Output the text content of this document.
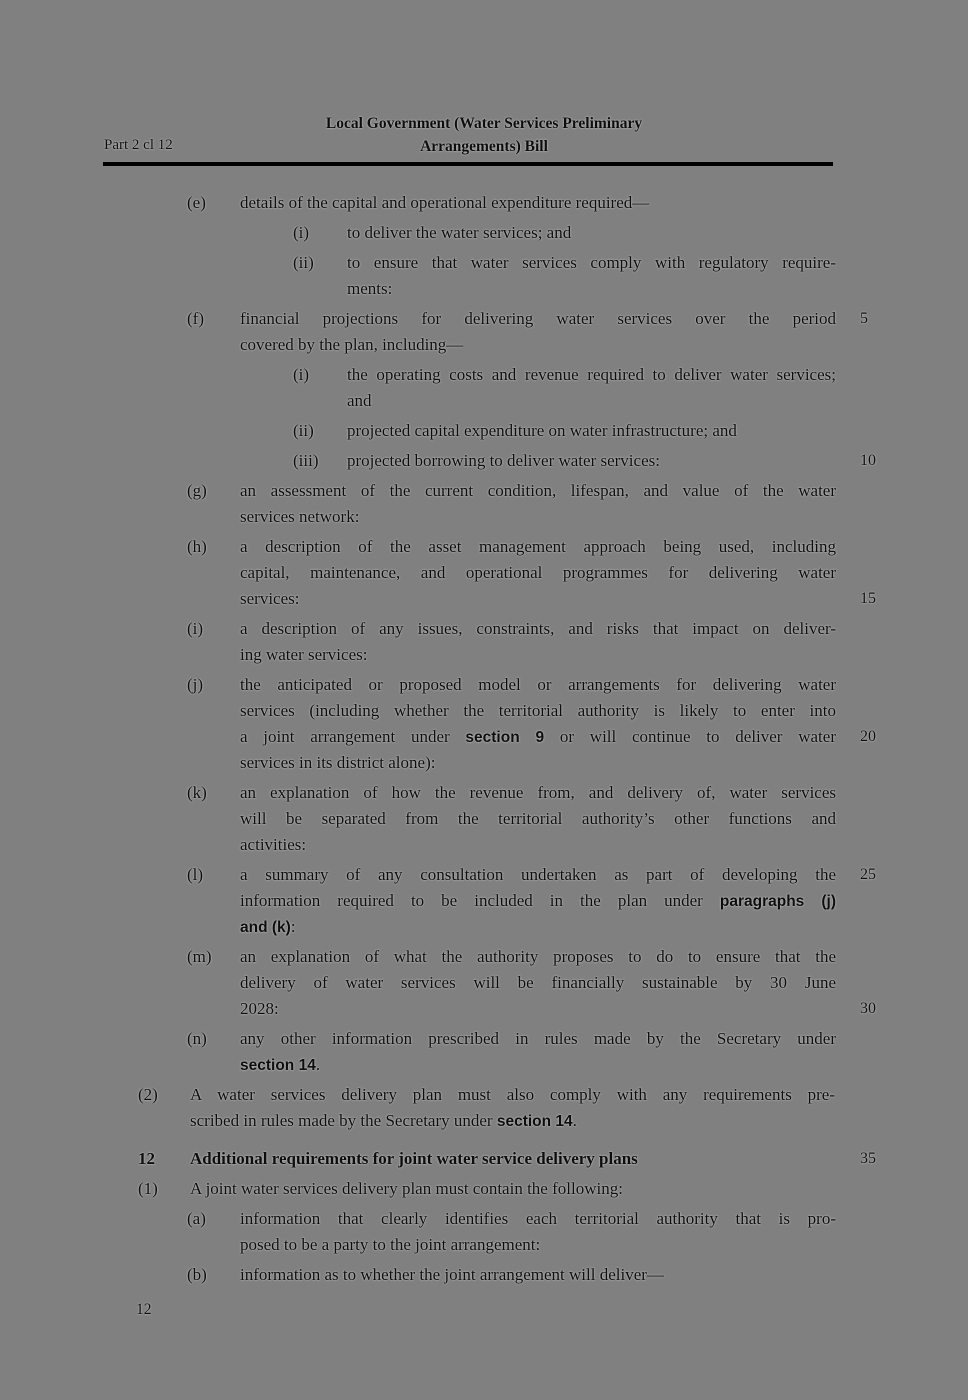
Part 2 cl 12
Local Government (Water Services Preliminary
Arrangements) Bill
(e) details of the capital and operational expenditure required—
(i) to deliver the water services; and
(ii) to ensure that water services comply with regulatory require-
ments:
(f) financial projections for delivering water services over the period 5
covered by the plan, including—
(i) the operating costs and revenue required to deliver water services;
and
(ii) projected capital expenditure on water infrastructure; and
(iii) projected borrowing to deliver water services:	10
(g) an assessment of the current condition, lifespan, and value of the water
services network:
(h) a description of the asset management approach being used, including
capital, maintenance, and operational programmes for delivering water
services:	15
(i) a description of any issues, constraints, and risks that impact on deliver-
ing water services:
(j) the anticipated or proposed model or arrangements for delivering water
services (including whether the territorial authority is likely to enter into
a joint arrangement under section 9 or will continue to deliver water 20
services in its district alone):
(k) an explanation of how the revenue from, and delivery of, water services
will be separated from the territorial authority’s other functions and
activities:
(l) a summary of any consultation undertaken as part of developing the 25
information required to be included in the plan under paragraphs (j)
and (k):
(m) an explanation of what the authority proposes to do to ensure that the
delivery of water services will be financially sustainable by 30 June
2028:	30
(n) any other information prescribed in rules made by the Secretary under
section 14.
(2) A water services delivery plan must also comply with any requirements pre-
scribed in rules made by the Secretary under section 14.
12 Additional requirements for joint water service delivery plans	35
(1) A joint water services delivery plan must contain the following:
(a) information that clearly identifies each territorial authority that is pro-
posed to be a party to the joint arrangement:
(b) information as to whether the joint arrangement will deliver—
12
